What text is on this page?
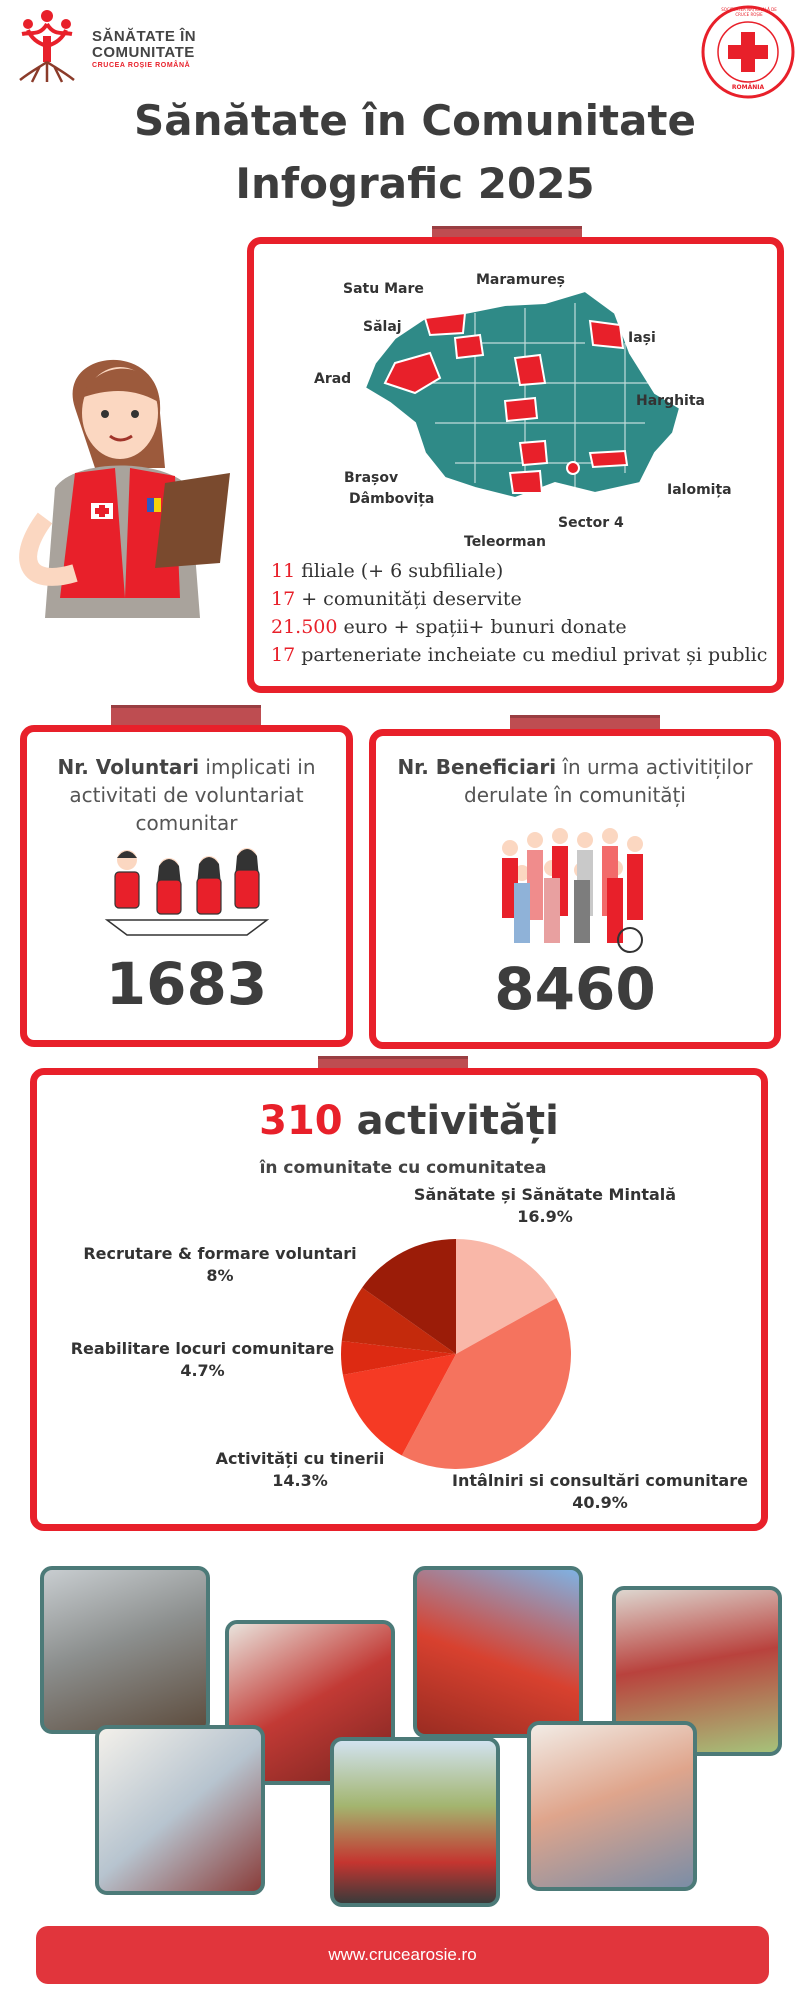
SĂNĂTATE ÎN
COMUNITATE
CRUCEA ROȘIE ROMÂNĂ
SOCIETATEA NAȚIONALĂ DE CRUCE ROȘIE
ROMÂNIA
Sănătate în Comunitate
Infografic 2025
Satu Mare
Maramureș
Sălaj
Iași
Arad
Harghita
Brașov
Dâmbovița
Ialomița
Sector 4
Teleorman
11 filiale (+ 6 subfiliale)
17 + comunități deservite
21.500 euro + spații+ bunuri donate
17 parteneriate incheiate cu mediul privat și public
Nr. Voluntari implicati in activitati de voluntariat comunitar
1683
Nr. Beneficiari în urma activitiților derulate în comunități
8460
310 activități
în comunitate cu comunitatea
Sănătate și Sănătate Mintală
16.9%
Intâlniri si consultări comunitare
40.9%
Activități cu tinerii
14.3%
Reabilitare locuri comunitare
4.7%
Recrutare & formare voluntari
8%
www.crucearosie.ro
